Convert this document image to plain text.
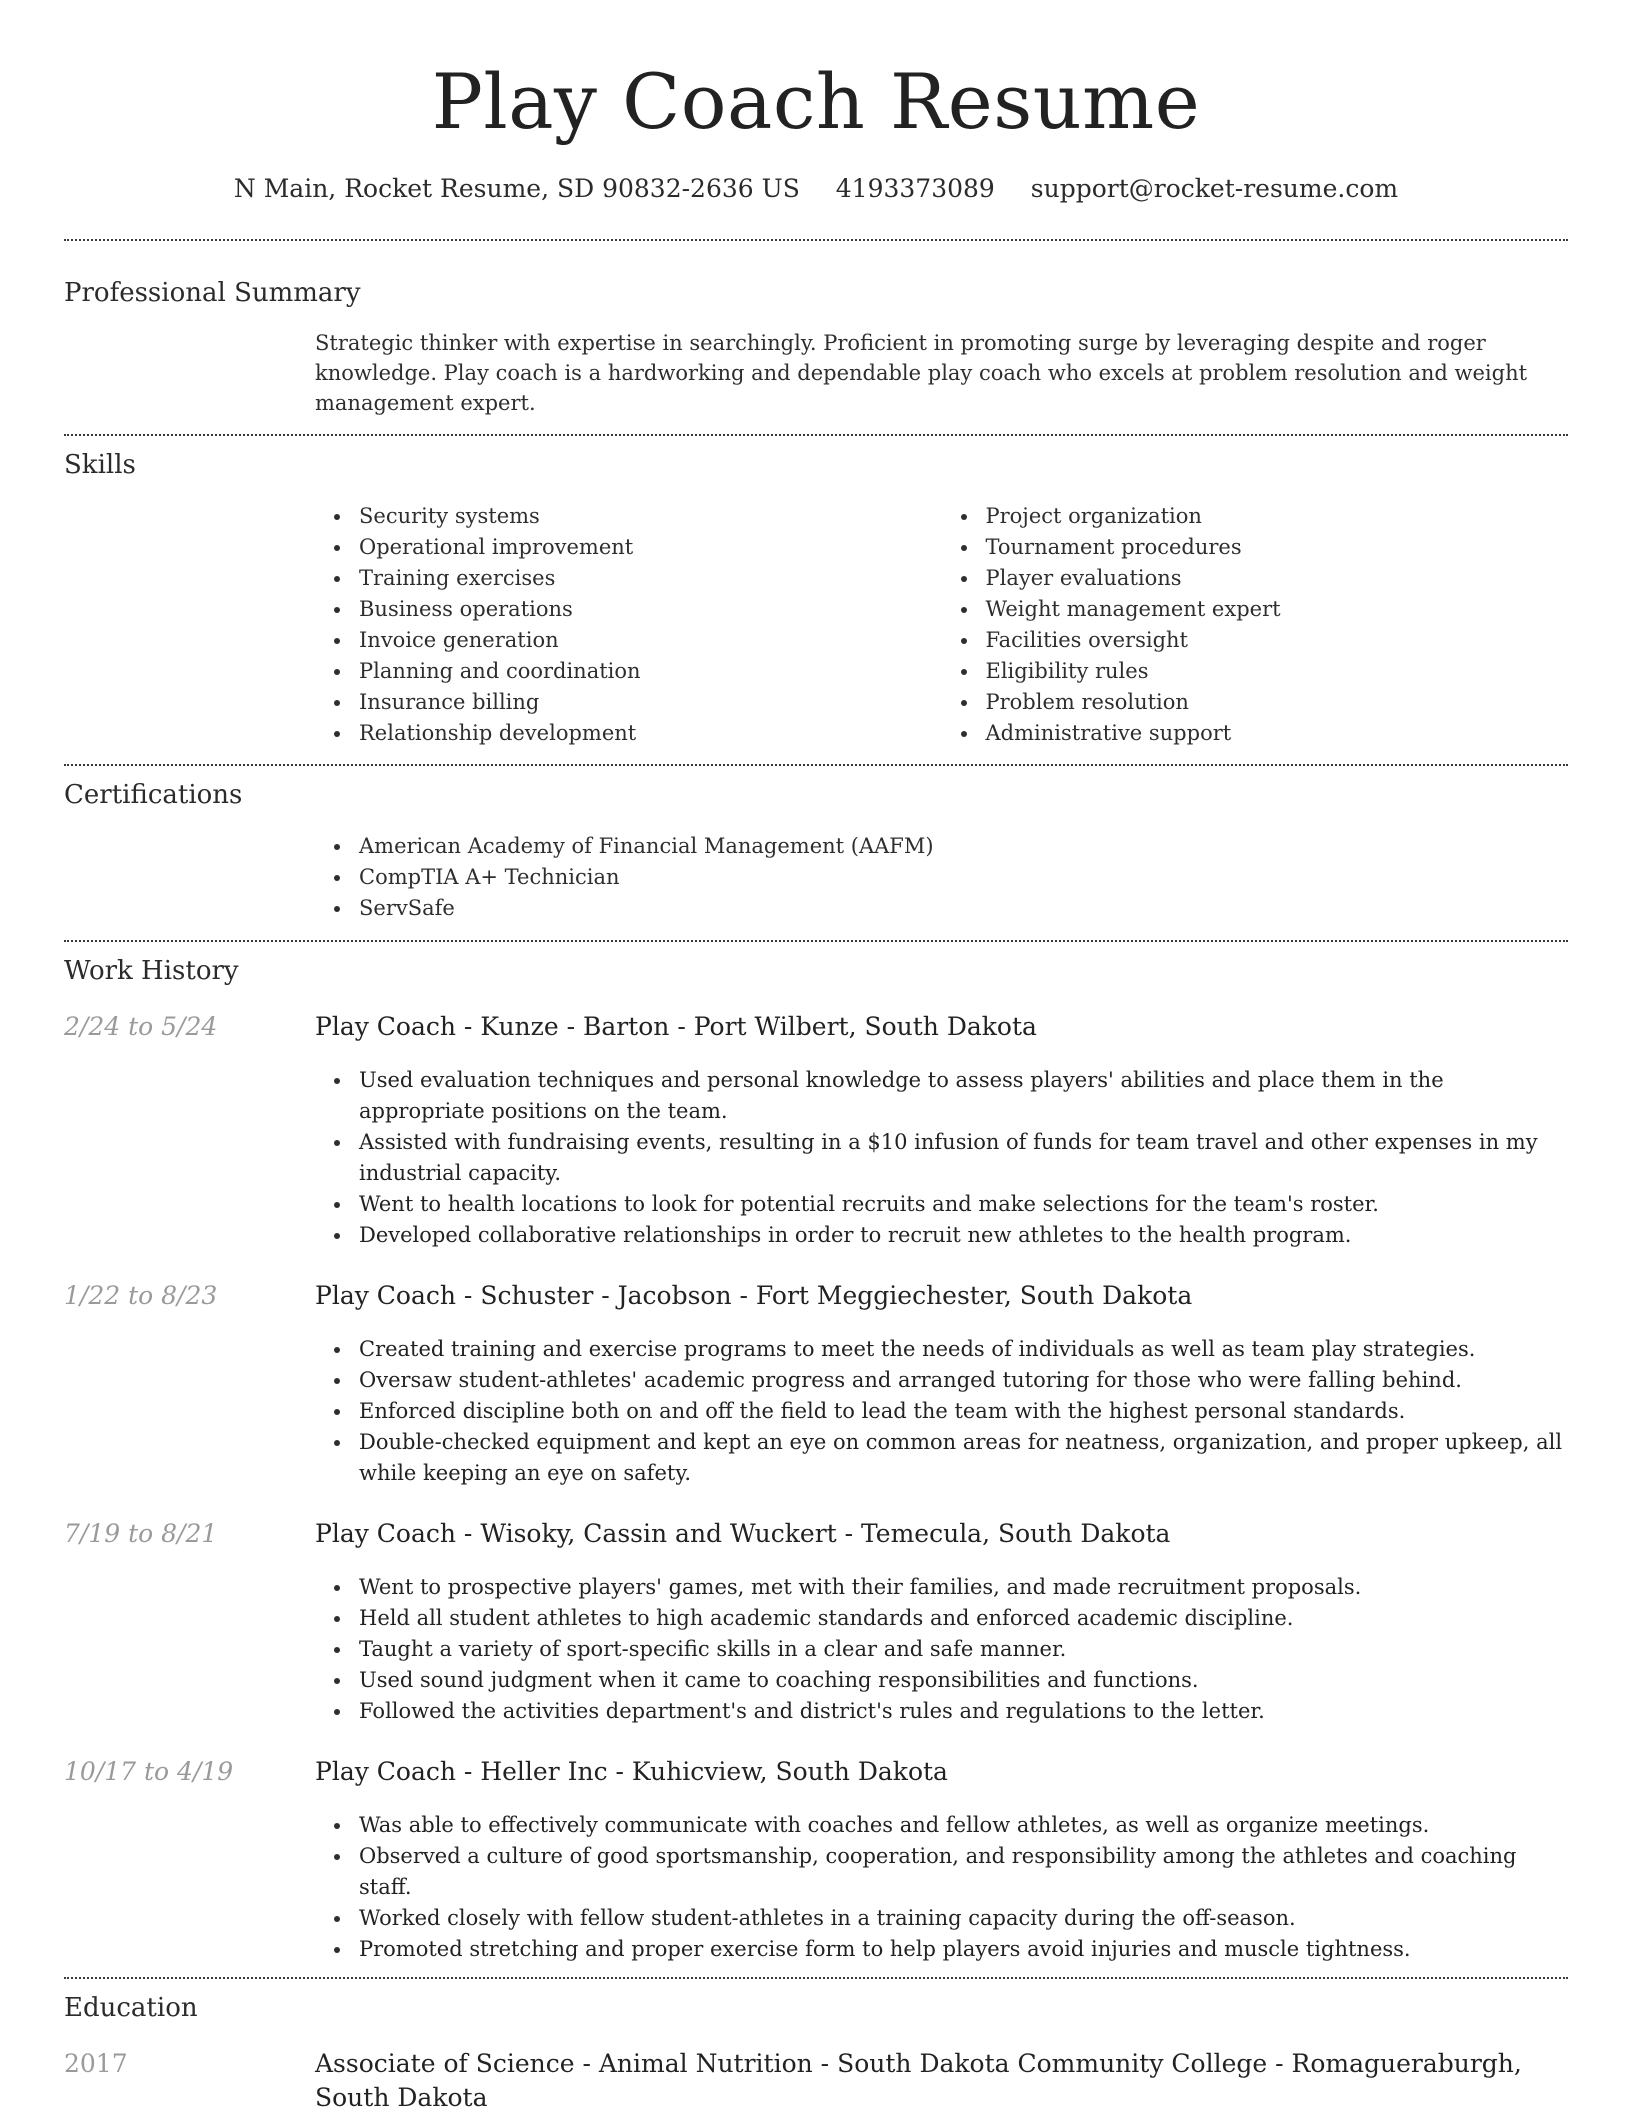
Play Coach Resume
N Main, Rocket Resume, SD 90832-2636 US 4193373089 support@rocket-resume.com
Professional Summary
Strategic thinker with expertise in searchingly. Proficient in promoting surge by leveraging despite and roger knowledge. Play coach is a hardworking and dependable play coach who excels at problem resolution and weight management expert.
Skills
Security systems
Operational improvement
Training exercises
Business operations
Invoice generation
Planning and coordination
Insurance billing
Relationship development
Project organization
Tournament procedures
Player evaluations
Weight management expert
Facilities oversight
Eligibility rules
Problem resolution
Administrative support
Certifications
American Academy of Financial Management (AAFM)
CompTIA A+ Technician
ServSafe
Work History
2/24 to 5/24	Play Coach - Kunze - Barton - Port Wilbert, South Dakota
Used evaluation techniques and personal knowledge to assess players' abilities and place them in the appropriate positions on the team.
Assisted with fundraising events, resulting in a $10 infusion of funds for team travel and other expenses in my industrial capacity.
Went to health locations to look for potential recruits and make selections for the team's roster.
Developed collaborative relationships in order to recruit new athletes to the health program.
1/22 to 8/23	Play Coach - Schuster - Jacobson - Fort Meggiechester, South Dakota
Created training and exercise programs to meet the needs of individuals as well as team play strategies.
Oversaw student-athletes' academic progress and arranged tutoring for those who were falling behind.
Enforced discipline both on and off the field to lead the team with the highest personal standards.
Double-checked equipment and kept an eye on common areas for neatness, organization, and proper upkeep, all while keeping an eye on safety.
7/19 to 8/21	Play Coach - Wisoky, Cassin and Wuckert - Temecula, South Dakota
Went to prospective players' games, met with their families, and made recruitment proposals.
Held all student athletes to high academic standards and enforced academic discipline.
Taught a variety of sport-specific skills in a clear and safe manner.
Used sound judgment when it came to coaching responsibilities and functions.
Followed the activities department's and district's rules and regulations to the letter.
10/17 to 4/19	Play Coach - Heller Inc - Kuhicview, South Dakota
Was able to effectively communicate with coaches and fellow athletes, as well as organize meetings.
Observed a culture of good sportsmanship, cooperation, and responsibility among the athletes and coaching staff.
Worked closely with fellow student-athletes in a training capacity during the off-season.
Promoted stretching and proper exercise form to help players avoid injuries and muscle tightness.
Education
2017	Associate of Science - Animal Nutrition - South Dakota Community College - Romagueraburgh, South Dakota
